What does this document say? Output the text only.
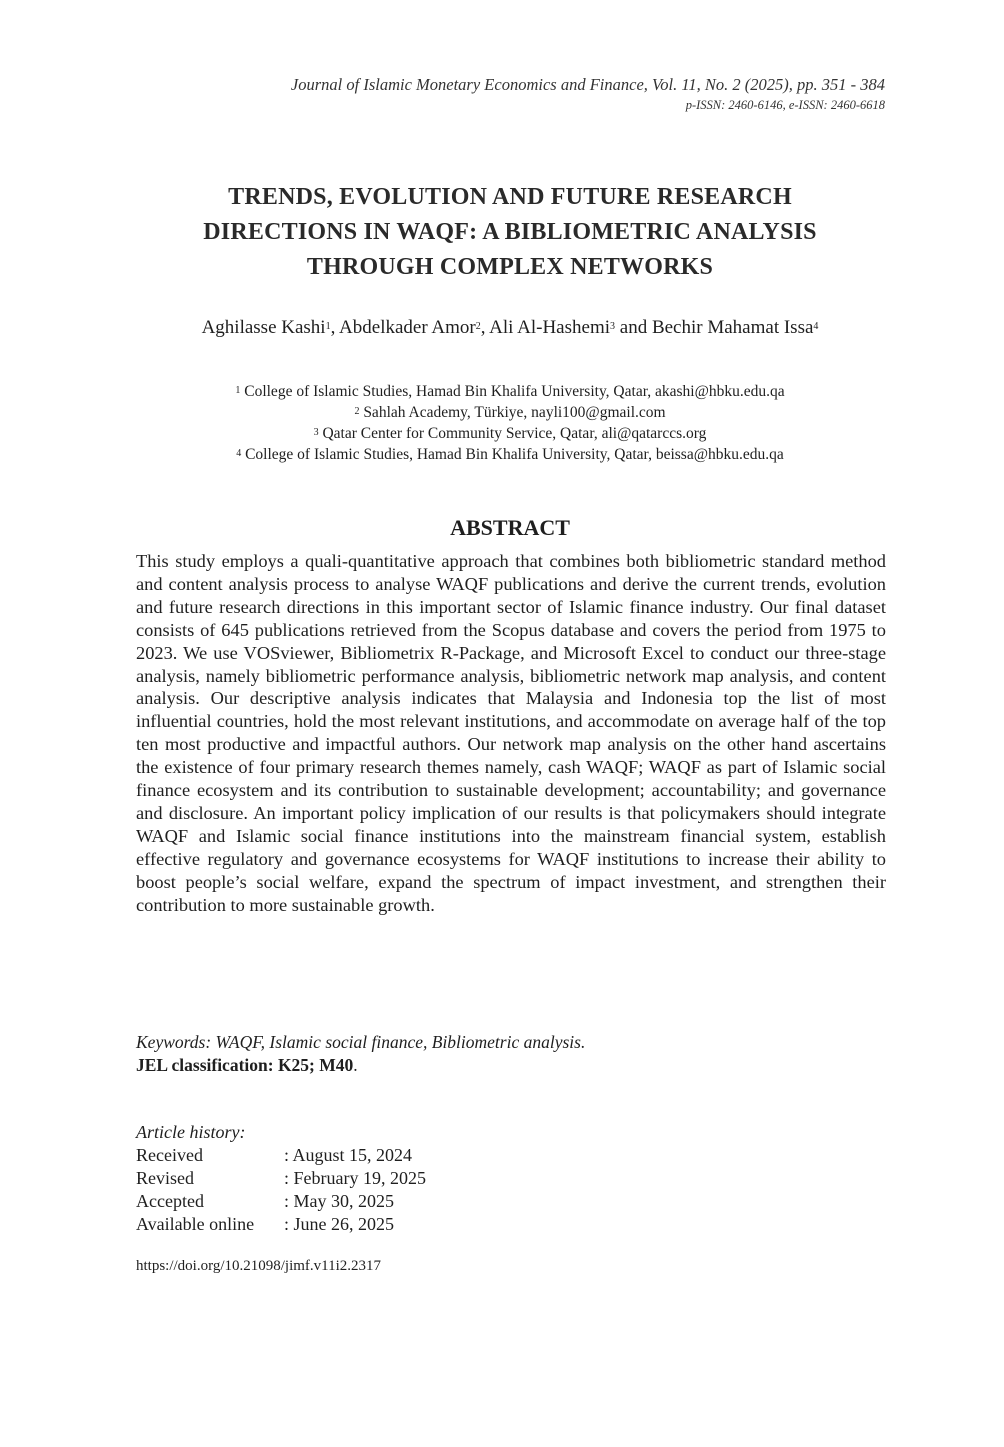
Journal of Islamic Monetary Economics and Finance, Vol. 11, No. 2 (2025), pp. 351 - 384
p-ISSN: 2460-6146, e-ISSN: 2460-6618
TRENDS, EVOLUTION AND FUTURE RESEARCH
DIRECTIONS IN WAQF: A BIBLIOMETRIC ANALYSIS
THROUGH COMPLEX NETWORKS
Aghilasse Kashi$^1$, Abdelkader Amor$^2$, Ali Al-Hashemi$^3$ and Bechir Mahamat Issa$^4$
$^1$ College of Islamic Studies, Hamad Bin Khalifa University, Qatar, akashi@hbku.edu.qa
$^2$ Sahlah Academy, Türkiye, nayli100@gmail.com
$^3$ Qatar Center for Community Service, Qatar, ali@qatarccs.org
$^4$ College of Islamic Studies, Hamad Bin Khalifa University, Qatar, beissa@hbku.edu.qa
ABSTRACT
This study employs a quali-quantitative approach that combines both bibliometric standard method and content analysis process to analyse WAQF publications and derive the current trends, evolution and future research directions in this important sector of Islamic finance industry. Our final dataset consists of 645 publications retrieved from the Scopus database and covers the period from 1975 to 2023. We use VOSviewer, Bibliometrix R-Package, and Microsoft Excel to conduct our three-stage analysis, namely bibliometric performance analysis, bibliometric network map analysis, and content analysis. Our descriptive analysis indicates that Malaysia and Indonesia top the list of most influential countries, hold the most relevant institutions, and accommodate on average half of the top ten most productive and impactful authors. Our network map analysis on the other hand ascertains the existence of four primary research themes namely, cash WAQF; WAQF as part of Islamic social finance ecosystem and its contribution to sustainable development; accountability; and governance and disclosure. An important policy implication of our results is that policymakers should integrate WAQF and Islamic social finance institutions into the mainstream financial system, establish effective regulatory and governance ecosystems for WAQF institutions to increase their ability to boost people’s social welfare, expand the spectrum of impact investment, and strengthen their contribution to more sustainable growth.
Keywords: WAQF, Islamic social finance, Bibliometric analysis.
JEL classification: K25; M40.
Article history:
Received	: August 15, 2024
Revised	: February 19, 2025
Accepted	: May 30, 2025
Available online	: June 26, 2025
https://doi.org/10.21098/jimf.v11i2.2317
